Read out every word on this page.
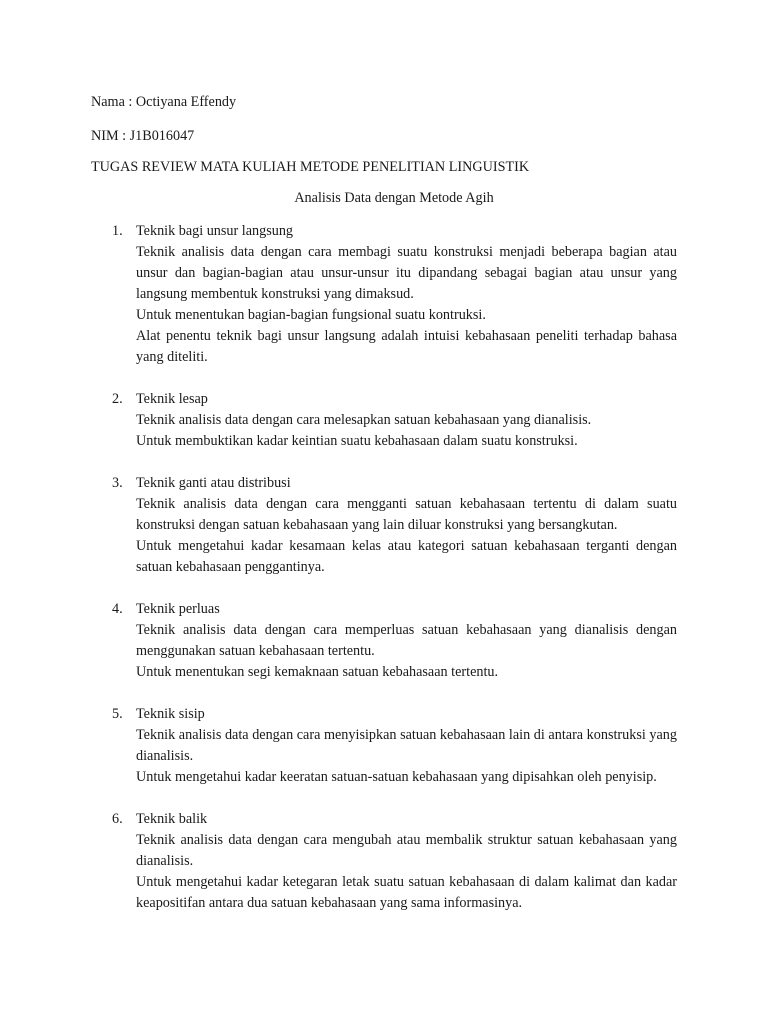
Nama : Octiyana Effendy
NIM : J1B016047
TUGAS REVIEW MATA KULIAH METODE PENELITIAN LINGUISTIK
Analisis Data dengan Metode Agih
1. Teknik bagi unsur langsung
Teknik analisis data dengan cara membagi suatu konstruksi menjadi beberapa bagian atau unsur dan bagian-bagian atau unsur-unsur itu dipandang sebagai bagian atau unsur yang langsung membentuk konstruksi yang dimaksud.
Untuk menentukan bagian-bagian fungsional suatu kontruksi.
Alat penentu teknik bagi unsur langsung adalah intuisi kebahasaan peneliti terhadap bahasa yang diteliti.
2. Teknik lesap
Teknik analisis data dengan cara melesapkan satuan kebahasaan yang dianalisis.
Untuk membuktikan kadar keintian suatu kebahasaan dalam suatu konstruksi.
3. Teknik ganti atau distribusi
Teknik analisis data dengan cara mengganti satuan kebahasaan tertentu di dalam suatu konstruksi dengan satuan kebahasaan yang lain diluar konstruksi yang bersangkutan.
Untuk mengetahui kadar kesamaan kelas atau kategori satuan kebahasaan terganti dengan satuan kebahasaan penggantinya.
4. Teknik perluas
Teknik analisis data dengan cara memperluas satuan kebahasaan yang dianalisis dengan menggunakan satuan kebahasaan tertentu.
Untuk menentukan segi kemaknaan satuan kebahasaan tertentu.
5. Teknik sisip
Teknik analisis data dengan cara menyisipkan satuan kebahasaan lain di antara konstruksi yang dianalisis.
Untuk mengetahui kadar keeratan satuan-satuan kebahasaan yang dipisahkan oleh penyisip.
6. Teknik balik
Teknik analisis data dengan cara mengubah atau membalik struktur satuan kebahasaan yang dianalisis.
Untuk mengetahui kadar ketegaran letak suatu satuan kebahasaan di dalam kalimat dan kadar keapositifan antara dua satuan kebahasaan yang sama informasinya.
